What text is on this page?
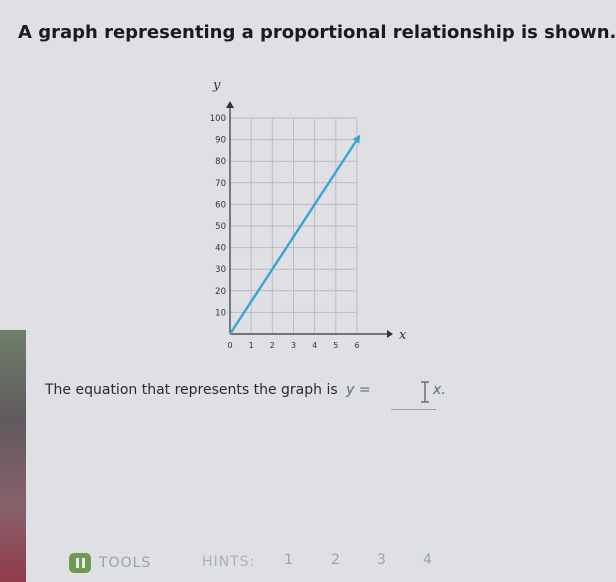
A graph representing a proportional relationship is shown.
x
y
0 1 2 3 4 5 6
10
20
30
40
50
60
70
80
90
100
The equation that represents the graph is y =	x.
TOOLS	HINTS: 1	2	3	4
